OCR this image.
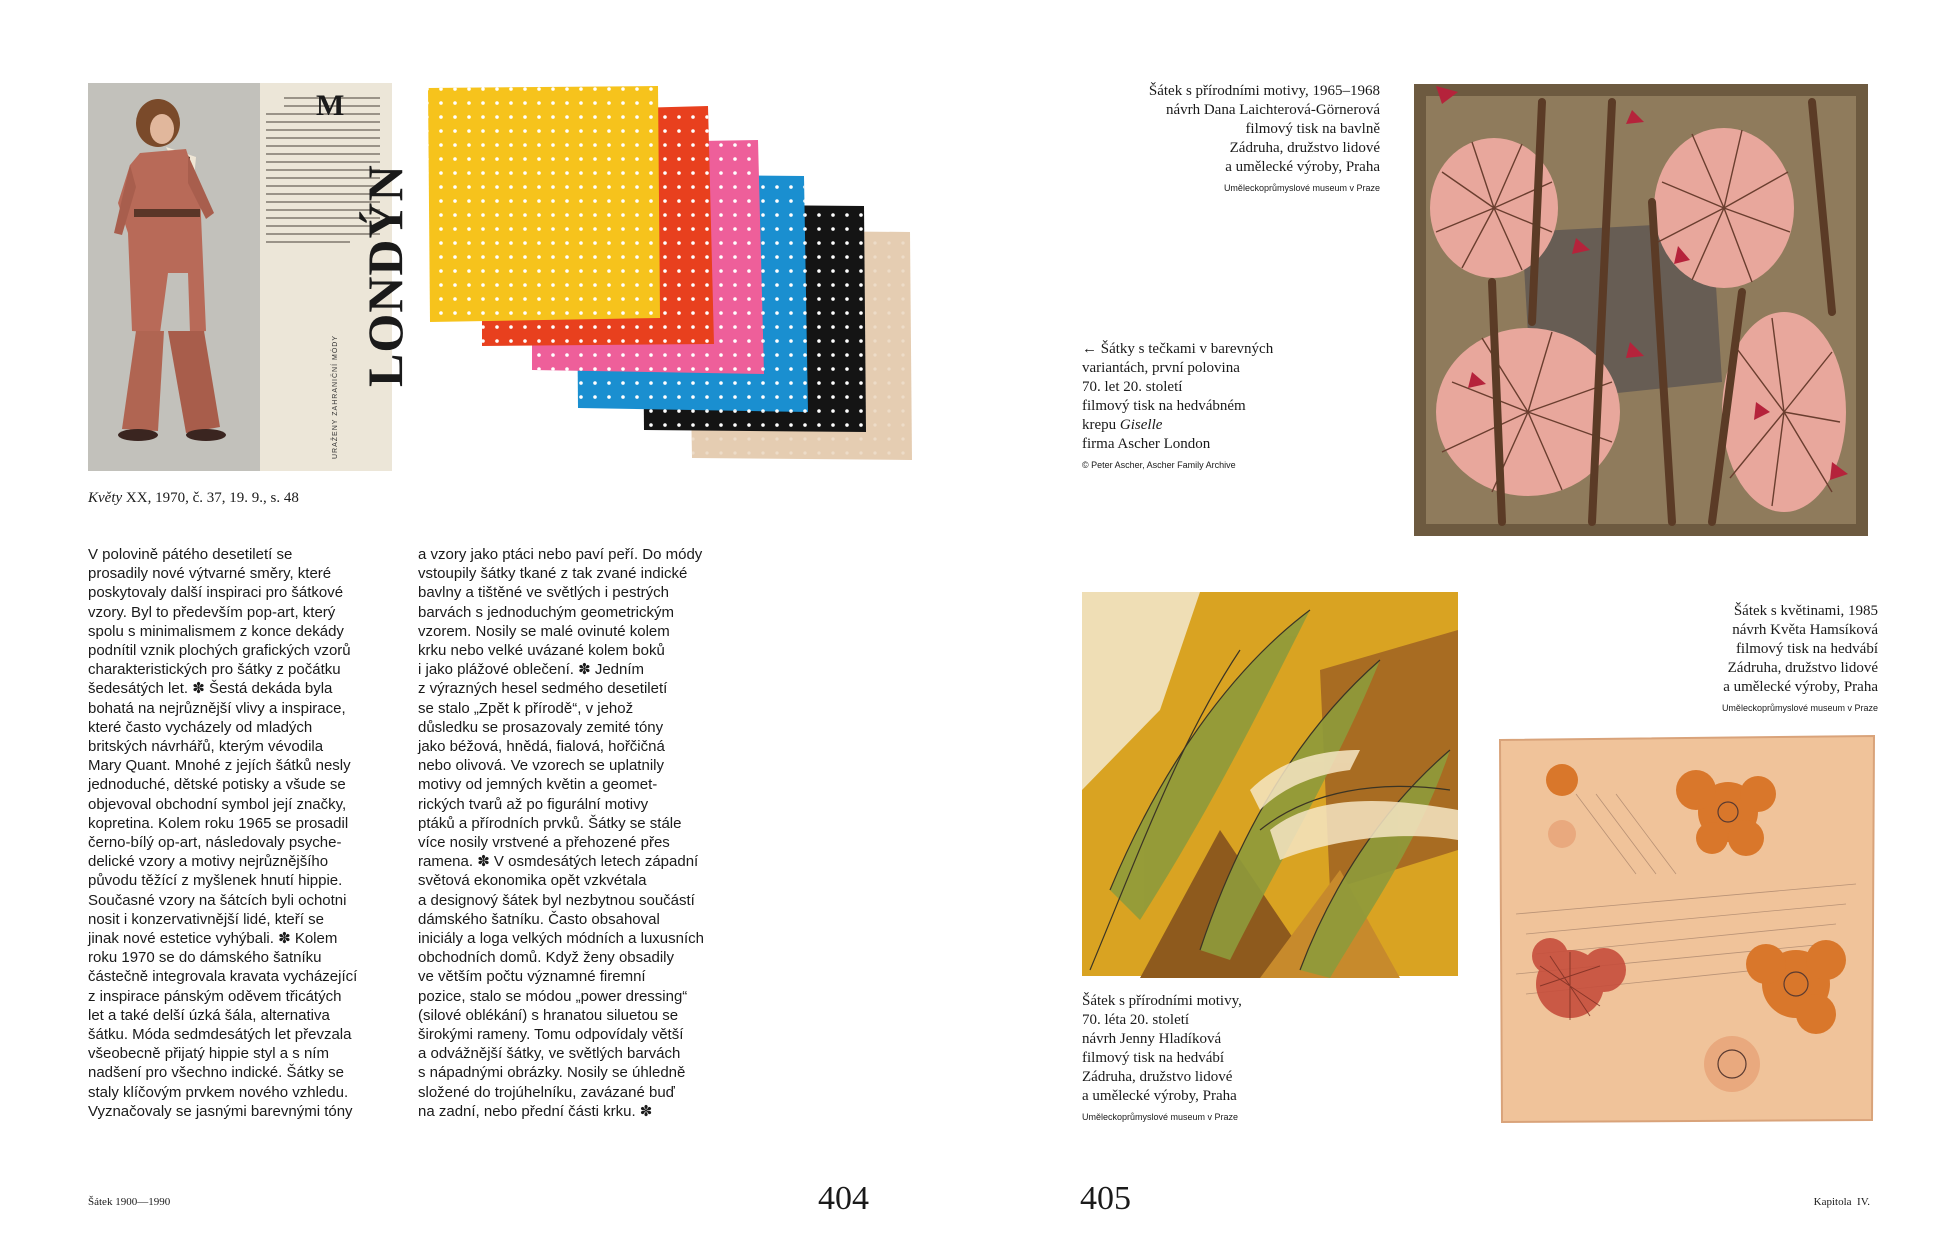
M
LONDÝN
URAŽENY ZAHRANIČNÍ MÓDY
Květy XX, 1970, č. 37, 19. 9., s. 48
V polovině pátého desetiletí se
prosadily nové výtvarné směry, které
poskytovaly další inspiraci pro šátkové
vzory. Byl to především pop-art, který
spolu s minimalismem z konce dekády
podnítil vznik plochých grafických vzorů
charakteristických pro šátky z počátku
šedesátých let. ✽ Šestá dekáda byla
bohatá na nejrůznější vlivy a inspirace,
které často vycházely od mladých
britských návrhářů, kterým vévodila
Mary Quant. Mnohé z jejích šátků nesly
jednoduché, dětské potisky a všude se
objevoval obchodní symbol její značky,
kopretina. Kolem roku 1965 se prosadil
černo-bílý op-art, následovaly psyche-
delické vzory a motivy nejrůznějšího
původu těžící z myšlenek hnutí hippie.
Současné vzory na šátcích byli ochotni
nosit i konzervativnější lidé, kteří se
jinak nové estetice vyhýbali. ✽ Kolem
roku 1970 se do dámského šatníku
částečně integrovala kravata vycházející
z inspirace pánským oděvem třicátých
let a také delší úzká šála, alternativa
šátku. Móda sedmdesátých let převzala
všeobecně přijatý hippie styl a s ním
nadšení pro všechno indické. Šátky se
staly klíčovým prvkem nového vzhledu.
Vyznačovaly se jasnými barevnými tóny
a vzory jako ptáci nebo paví peří. Do módy
vstoupily šátky tkané z tak zvané indické
bavlny a tištěné ve světlých i pestrých
barvách s jednoduchým geometrickým
vzorem. Nosily se malé ovinuté kolem
krku nebo velké uvázané kolem boků
i jako plážové oblečení. ✽ Jedním
z výrazných hesel sedmého desetiletí
se stalo „Zpět k přírodě“, v jehož
důsledku se prosazovaly zemité tóny
jako béžová, hnědá, fialová, hořčičná
nebo olivová. Ve vzorech se uplatnily
motivy od jemných květin a geomet-
rických tvarů až po figurální motivy
ptáků a přírodních prvků. Šátky se stále
více nosily vrstvené a přehozené přes
ramena. ✽ V osmdesátých letech západní
světová ekonomika opět vzkvétala
a designový šátek byl nezbytnou součástí
dámského šatníku. Často obsahoval
iniciály a loga velkých módních a luxusních
obchodních domů. Když ženy obsadily
ve větším počtu významné firemní
pozice, stalo se módou „power dressing“
(silové oblékání) s hranatou siluetou se
širokými rameny. Tomu odpovídaly větší
a odvážnější šátky, ve světlých barvách
s nápadnými obrázky. Nosily se úhledně
složené do trojúhelníku, zavázané buď
na zadní, nebo přední části krku. ✽
Šátek 1900—1990	404
Šátek s přírodními motivy, 1965–1968
návrh Dana Laichterová-Görnerová
filmový tisk na bavlně
Zádruha, družstvo lidové
a umělecké výroby, Praha
Uměleckoprůmyslové museum v Praze
← Šátky s tečkami v barevných
variantách, první polovina
70. let 20. století
filmový tisk na hedvábném
krepu Giselle
firma Ascher London
© Peter Ascher, Ascher Family Archive
Šátek s květinami, 1985
návrh Květa Hamsíková
filmový tisk na hedvábí
Zádruha, družstvo lidové
a umělecké výroby, Praha
Uměleckoprůmyslové museum v Praze
Šátek s přírodními motivy,
70. léta 20. století
návrh Jenny Hladíková
filmový tisk na hedvábí
Zádruha, družstvo lidové
a umělecké výroby, Praha
Uměleckoprůmyslové museum v Praze
405	Kapitola  IV.
